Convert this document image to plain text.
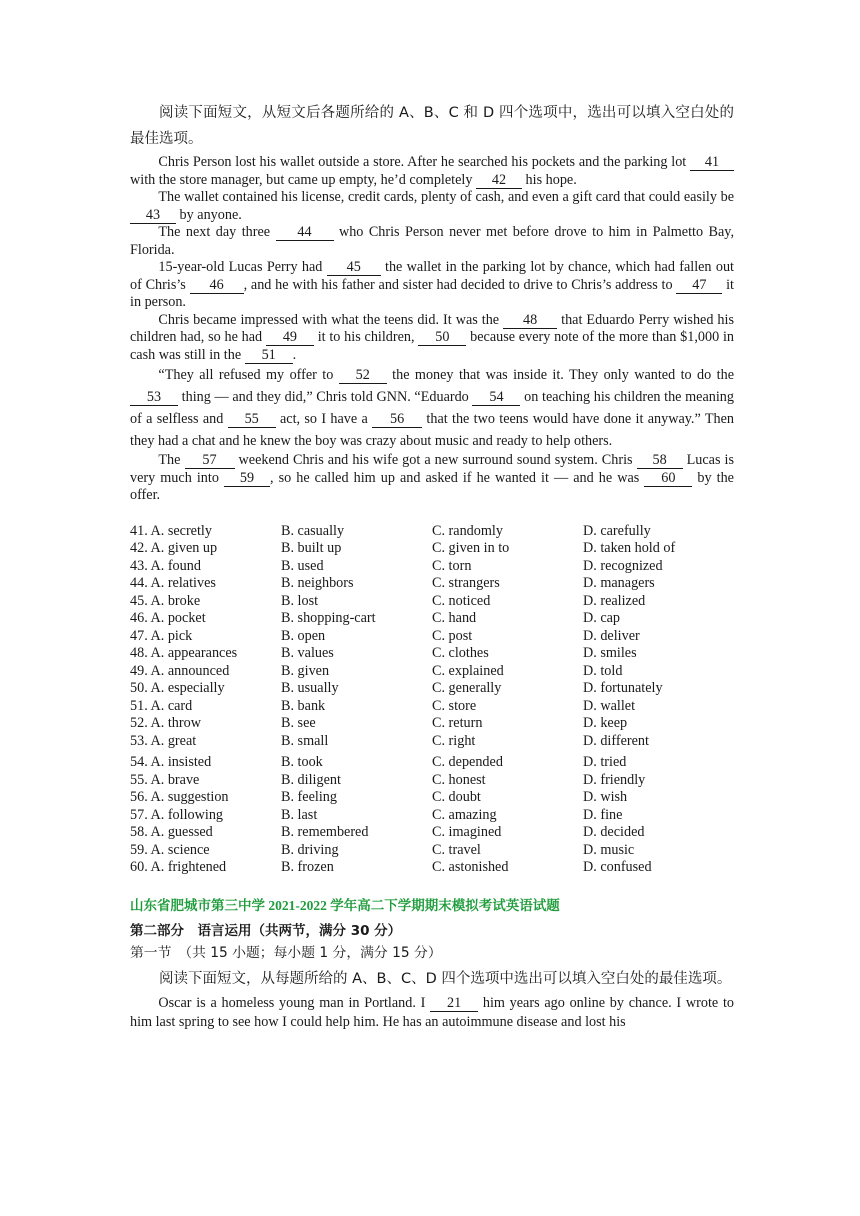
阅读下面短文，从短文后各题所给的 A、B、C 和 D 四个选项中，选出可以填入空白处的最佳选项。

Chris Person lost his wallet outside a store. After he searched his pockets and the parking lot 41 with the store manager, but came up empty, he’d completely 42 his hope.

The wallet contained his license, credit cards, plenty of cash, and even a gift card that could easily be 43 by anyone.

The next day three 44 who Chris Person never met before drove to him in Palmetto Bay, Florida.

15-year-old Lucas Perry had 45 the wallet in the parking lot by chance, which had fallen out of Chris’s 46 , and he with his father and sister had decided to drive to Chris’s address to 47 it in person.

Chris became impressed with what the teens did. It was the 48 that Eduardo Perry wished his children had, so he had 49 it to his children, 50 because every note of the more than $1,000 in cash was still in the 51 .

“They all refused my offer to 52 the money that was inside it. They only wanted to do the 53 thing — and they did,” Chris told GNN. “Eduardo 54 on teaching his children the meaning of a selfless and 55 act, so I have a 56 that the two teens would have done it anyway.” Then they had a chat and he knew the boy was crazy about music and ready to help others.

The 57 weekend Chris and his wife got a new surround sound system. Chris 58 Lucas is very much into 59 , so he called him up and asked if he wanted it — and he was 60 by the offer.

41. A. secretly	B. casually	C. randomly	D. carefully
42. A. given up	B. built up	C. given in to	D. taken hold of
43. A. found	B. used	C. torn	D. recognized
44. A. relatives	B. neighbors	C. strangers	D. managers
45. A. broke	B. lost	C. noticed	D. realized
46. A. pocket	B. shopping-cart	C. hand	D. cap
47. A. pick	B. open	C. post	D. deliver
48. A. appearances	B. values	C. clothes	D. smiles
49. A. announced	B. given	C. explained	D. told
50. A. especially	B. usually	C. generally	D. fortunately
51. A. card	B. bank	C. store	D. wallet
52. A. throw	B. see	C. return	D. keep
53. A. great	B. small	C. right	D. different
54. A. insisted	B. took	C. depended	D. tried
55. A. brave	B. diligent	C. honest	D. friendly
56. A. suggestion	B. feeling	C. doubt	D. wish
57. A. following	B. last	C. amazing	D. fine
58. A. guessed	B. remembered	C. imagined	D. decided
59. A. science	B. driving	C. travel	D. music
60. A. frightened	B. frozen	C. astonished	D. confused
山东省肥城市第三中学 2021-2022 学年高二下学期期末模拟考试英语试题
第二部分　语言运用（共两节，满分 30 分）
第一节　（共 15 小题；每小题 1 分，满分 15 分）
阅读下面短文，从每题所给的 A、B、C、D 四个选项中选出可以填入空白处的最佳选项。

Oscar is a homeless young man in Portland. I 21 him years ago online by chance. I wrote to him last spring to see how I could help him. He has an autoimmune disease and lost his
